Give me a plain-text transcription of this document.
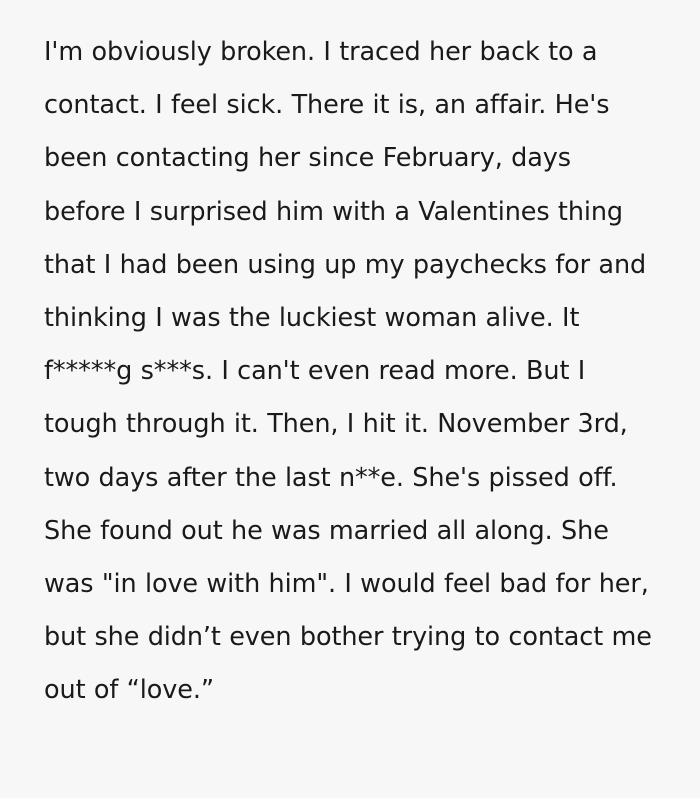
I'm obviously broken. I traced her back to a contact. I feel sick. There it is, an affair. He's been contacting her since February, days before I surprised him with a Valentines thing that I had been using up my paychecks for and thinking I was the luckiest woman alive. It f*****g s***s. I can't even read more. But I tough through it. Then, I hit it. November 3rd, two days after the last n**e. She's pissed off. She found out he was married all along. She was "in love with him". I would feel bad for her, but she didn’t even bother trying to contact me out of “love.”
